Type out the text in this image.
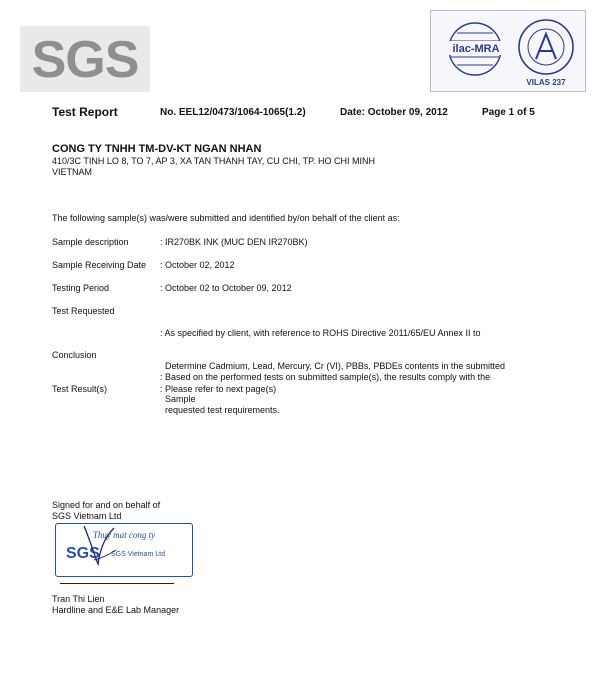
SGS	ilac-MRA
VILAS 237
Test Report	No. EEL12/0473/1064-1065(1.2)	Date: October 09, 2012	Page 1 of 5
CONG TY TNHH TM-DV-KT NGAN NHAN
410/3C TINH LO 8, TO 7, AP 3, XA TAN THANH TAY, CU CHI, TP. HO CHI MINH
VIETNAM
The following sample(s) was/were submitted and identified by/on behalf of the client as:
Sample description	: IR270BK INK (MUC DEN IR270BK)
Sample Receiving Date	: October 02, 2012
Testing Period	: October 02 to October 09, 2012
Test Requested

: As specified by client, with reference to ROHS Directive 2011/65/EU Annex II to

Determine Cadmium, Lead, Mercury, Cr (VI), PBBs, PBDEs contents in the submitted

Sample

Conclusion

: Based on the performed tests on submitted sample(s), the results comply with the

requested test requirements.

Test Result(s)	: Please refer to next page(s)
Signed for and on behalf of
SGS Vietnam Ltd
Thuy mat cong ty
SGS SGS Vietnam Ltd
Tran Thi Lien
Hardline and E&E Lab Manager
